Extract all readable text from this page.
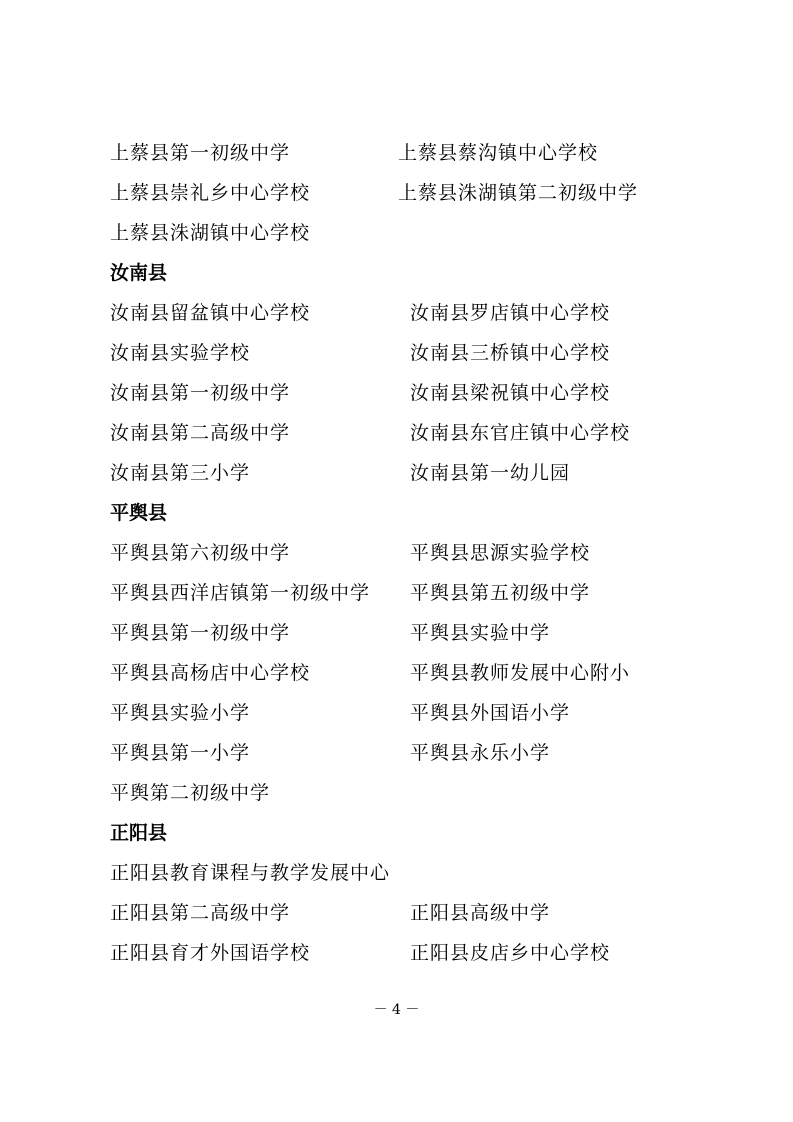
上蔡县第一初级中学	上蔡县蔡沟镇中心学校
上蔡县崇礼乡中心学校	上蔡县洙湖镇第二初级中学
上蔡县洙湖镇中心学校
汝南县
汝南县留盆镇中心学校	汝南县罗店镇中心学校
汝南县实验学校	汝南县三桥镇中心学校
汝南县第一初级中学	汝南县梁祝镇中心学校
汝南县第二高级中学	汝南县东官庄镇中心学校
汝南县第三小学	汝南县第一幼儿园
平舆县
平舆县第六初级中学	平舆县思源实验学校
平舆县西洋店镇第一初级中学 平舆县第五初级中学
平舆县第一初级中学	平舆县实验中学
平舆县高杨店中心学校	平舆县教师发展中心附小
平舆县实验小学	平舆县外国语小学
平舆县第一小学	平舆县永乐小学
平舆第二初级中学
正阳县
正阳县教育课程与教学发展中心
正阳县第二高级中学	正阳县高级中学
正阳县育才外国语学校	正阳县皮店乡中心学校
－ 4 －
